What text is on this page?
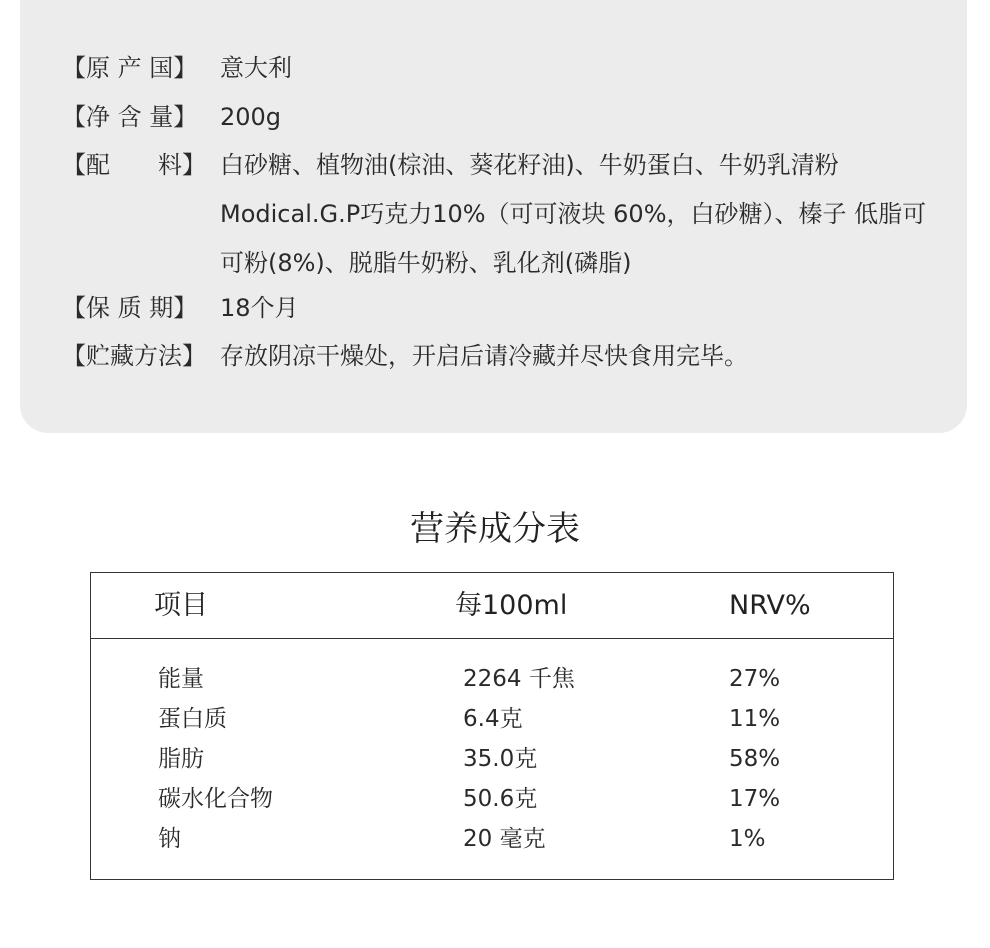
【原 产 国】 意大利
【净 含 量】 200g
【配　　料】 白砂糖、植物油(棕油、葵花籽油)、牛奶蛋白、牛奶乳清粉 Modical.G.P巧克力10%（可可液块 60%，白砂糖）、榛子 低脂可可粉(8%)、脱脂牛奶粉、乳化剂(磷脂)
【保 质 期】 18个月
【贮藏方法】 存放阴凉干燥处，开启后请冷藏并尽快食用完毕。
营养成分表
项目	每100ml	NRV%
能量	2264 千焦	27%
蛋白质	6.4克	11%
脂肪	35.0克	58%
碳水化合物	50.6克	17%
钠	20 毫克	1%
